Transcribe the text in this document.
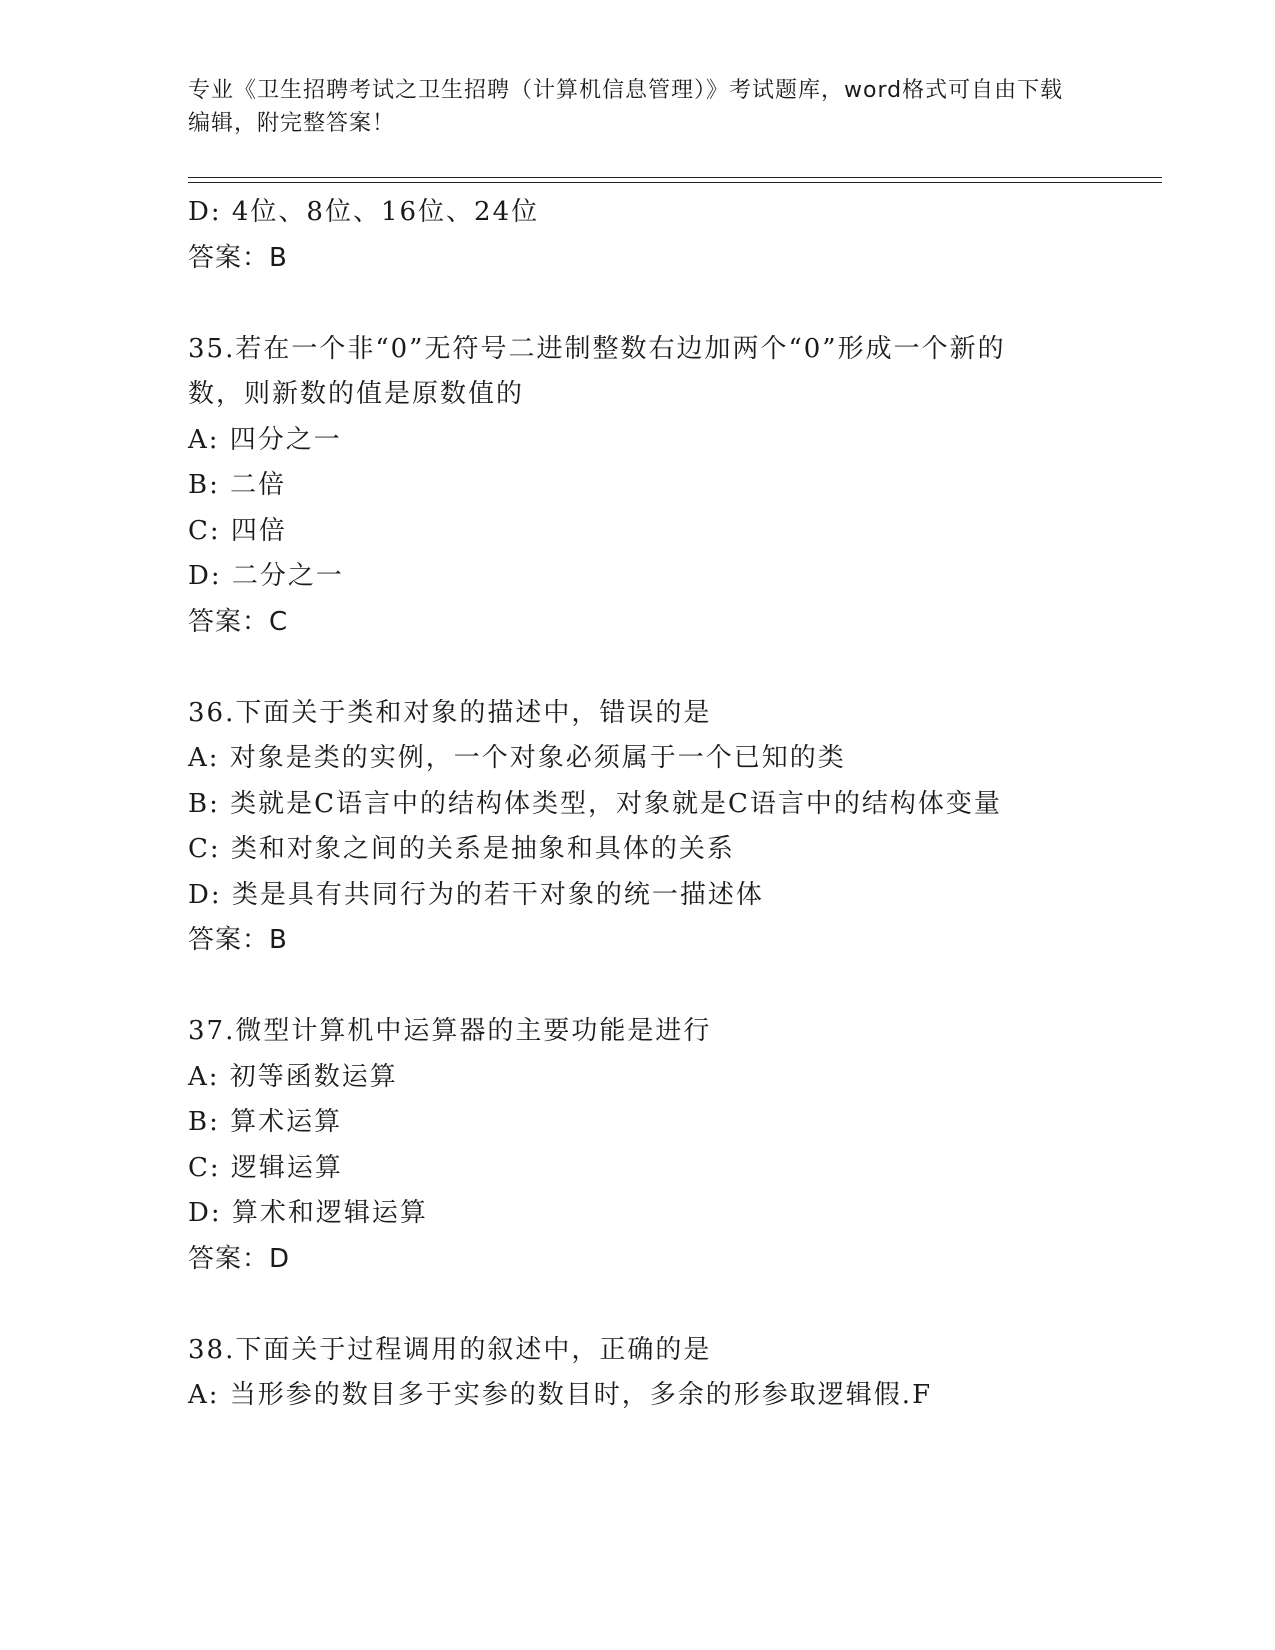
专业《卫生招聘考试之卫生招聘（计算机信息管理）》考试题库，word格式可自由下载编辑，附完整答案！
D: 4位、8位、16位、24位
答案：B
35.若在一个非“0”无符号二进制整数右边加两个“0”形成一个新的数，则新数的值是原数值的
A: 四分之一
B: 二倍
C: 四倍
D: 二分之一
答案：C
36.下面关于类和对象的描述中，错误的是
A: 对象是类的实例，一个对象必须属于一个已知的类
B: 类就是C语言中的结构体类型，对象就是C语言中的结构体变量
C: 类和对象之间的关系是抽象和具体的关系
D: 类是具有共同行为的若干对象的统一描述体
答案：B
37.微型计算机中运算器的主要功能是进行
A: 初等函数运算
B: 算术运算
C: 逻辑运算
D: 算术和逻辑运算
答案：D
38.下面关于过程调用的叙述中，正确的是
A: 当形参的数目多于实参的数目时，多余的形参取逻辑假.F
